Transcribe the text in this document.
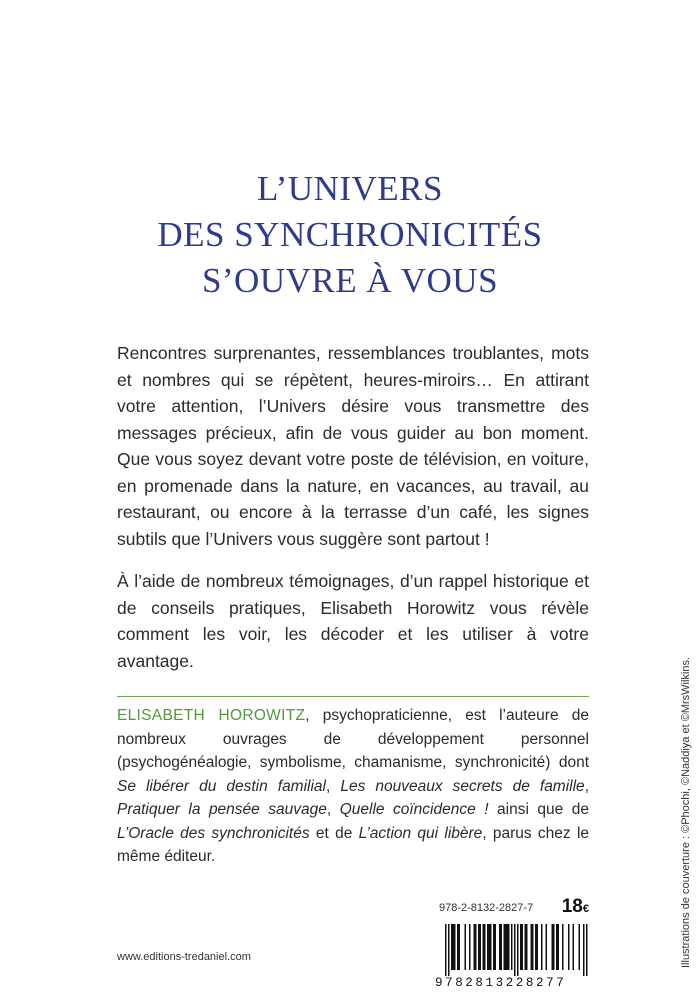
L’UNIVERS
DES SYNCHRONICITÉS
S’OUVRE À VOUS

Rencontres surprenantes, ressemblances troublantes, mots et nombres qui se répètent, heures-miroirs… En attirant votre attention, l’Univers désire vous transmettre des messages précieux, afin de vous guider au bon moment. Que vous soyez devant votre poste de télévision, en voiture, en promenade dans la nature, en vacances, au travail, au restaurant, ou encore à la terrasse d’un café, les signes subtils que l’Univers vous suggère sont partout !

À l’aide de nombreux témoignages, d’un rappel historique et de conseils pratiques, Elisabeth Horowitz vous révèle comment les voir, les décoder et les utiliser à votre avantage.

ELISABETH HOROWITZ, psychopraticienne, est l’auteure de nombreux ouvrages de développement personnel (psychogénéalogie, symbolisme, chamanisme, synchronicité) dont Se libérer du destin familial, Les nouveaux secrets de famille, Pratiquer la pensée sauvage, Quelle coïncidence ! ainsi que de L’Oracle des synchronicités et de L’action qui libère, parus chez le même éditeur.	Illustrations de couverture : ©Phochi, ©Naddiya et ©MrsWilkins.
www.editions-tredaniel.com
978-2-8132-2827-7 18€
9782813228277
